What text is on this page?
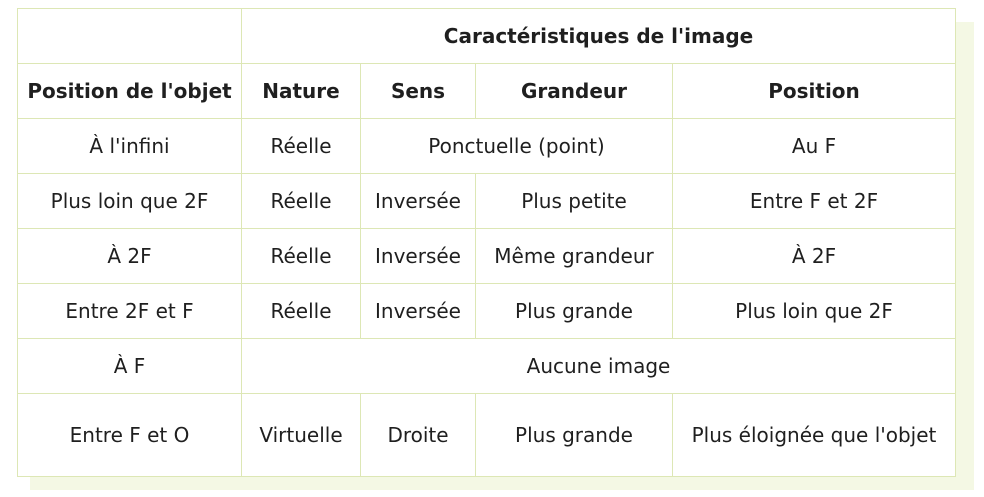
	Caractéristiques de l'image			
Position de l'objet	Nature	Sens	Grandeur	Position
À l'infini	Réelle	Ponctuelle (point)		Au F
Plus loin que 2F	Réelle	Inversée	Plus petite	Entre F et 2F
À 2F	Réelle	Inversée	Même grandeur	À 2F
Entre 2F et F	Réelle	Inversée	Plus grande	Plus loin que 2F
À F	Aucune image			
Entre F et O	Virtuelle	Droite	Plus grande	Plus éloignée que l'objet
